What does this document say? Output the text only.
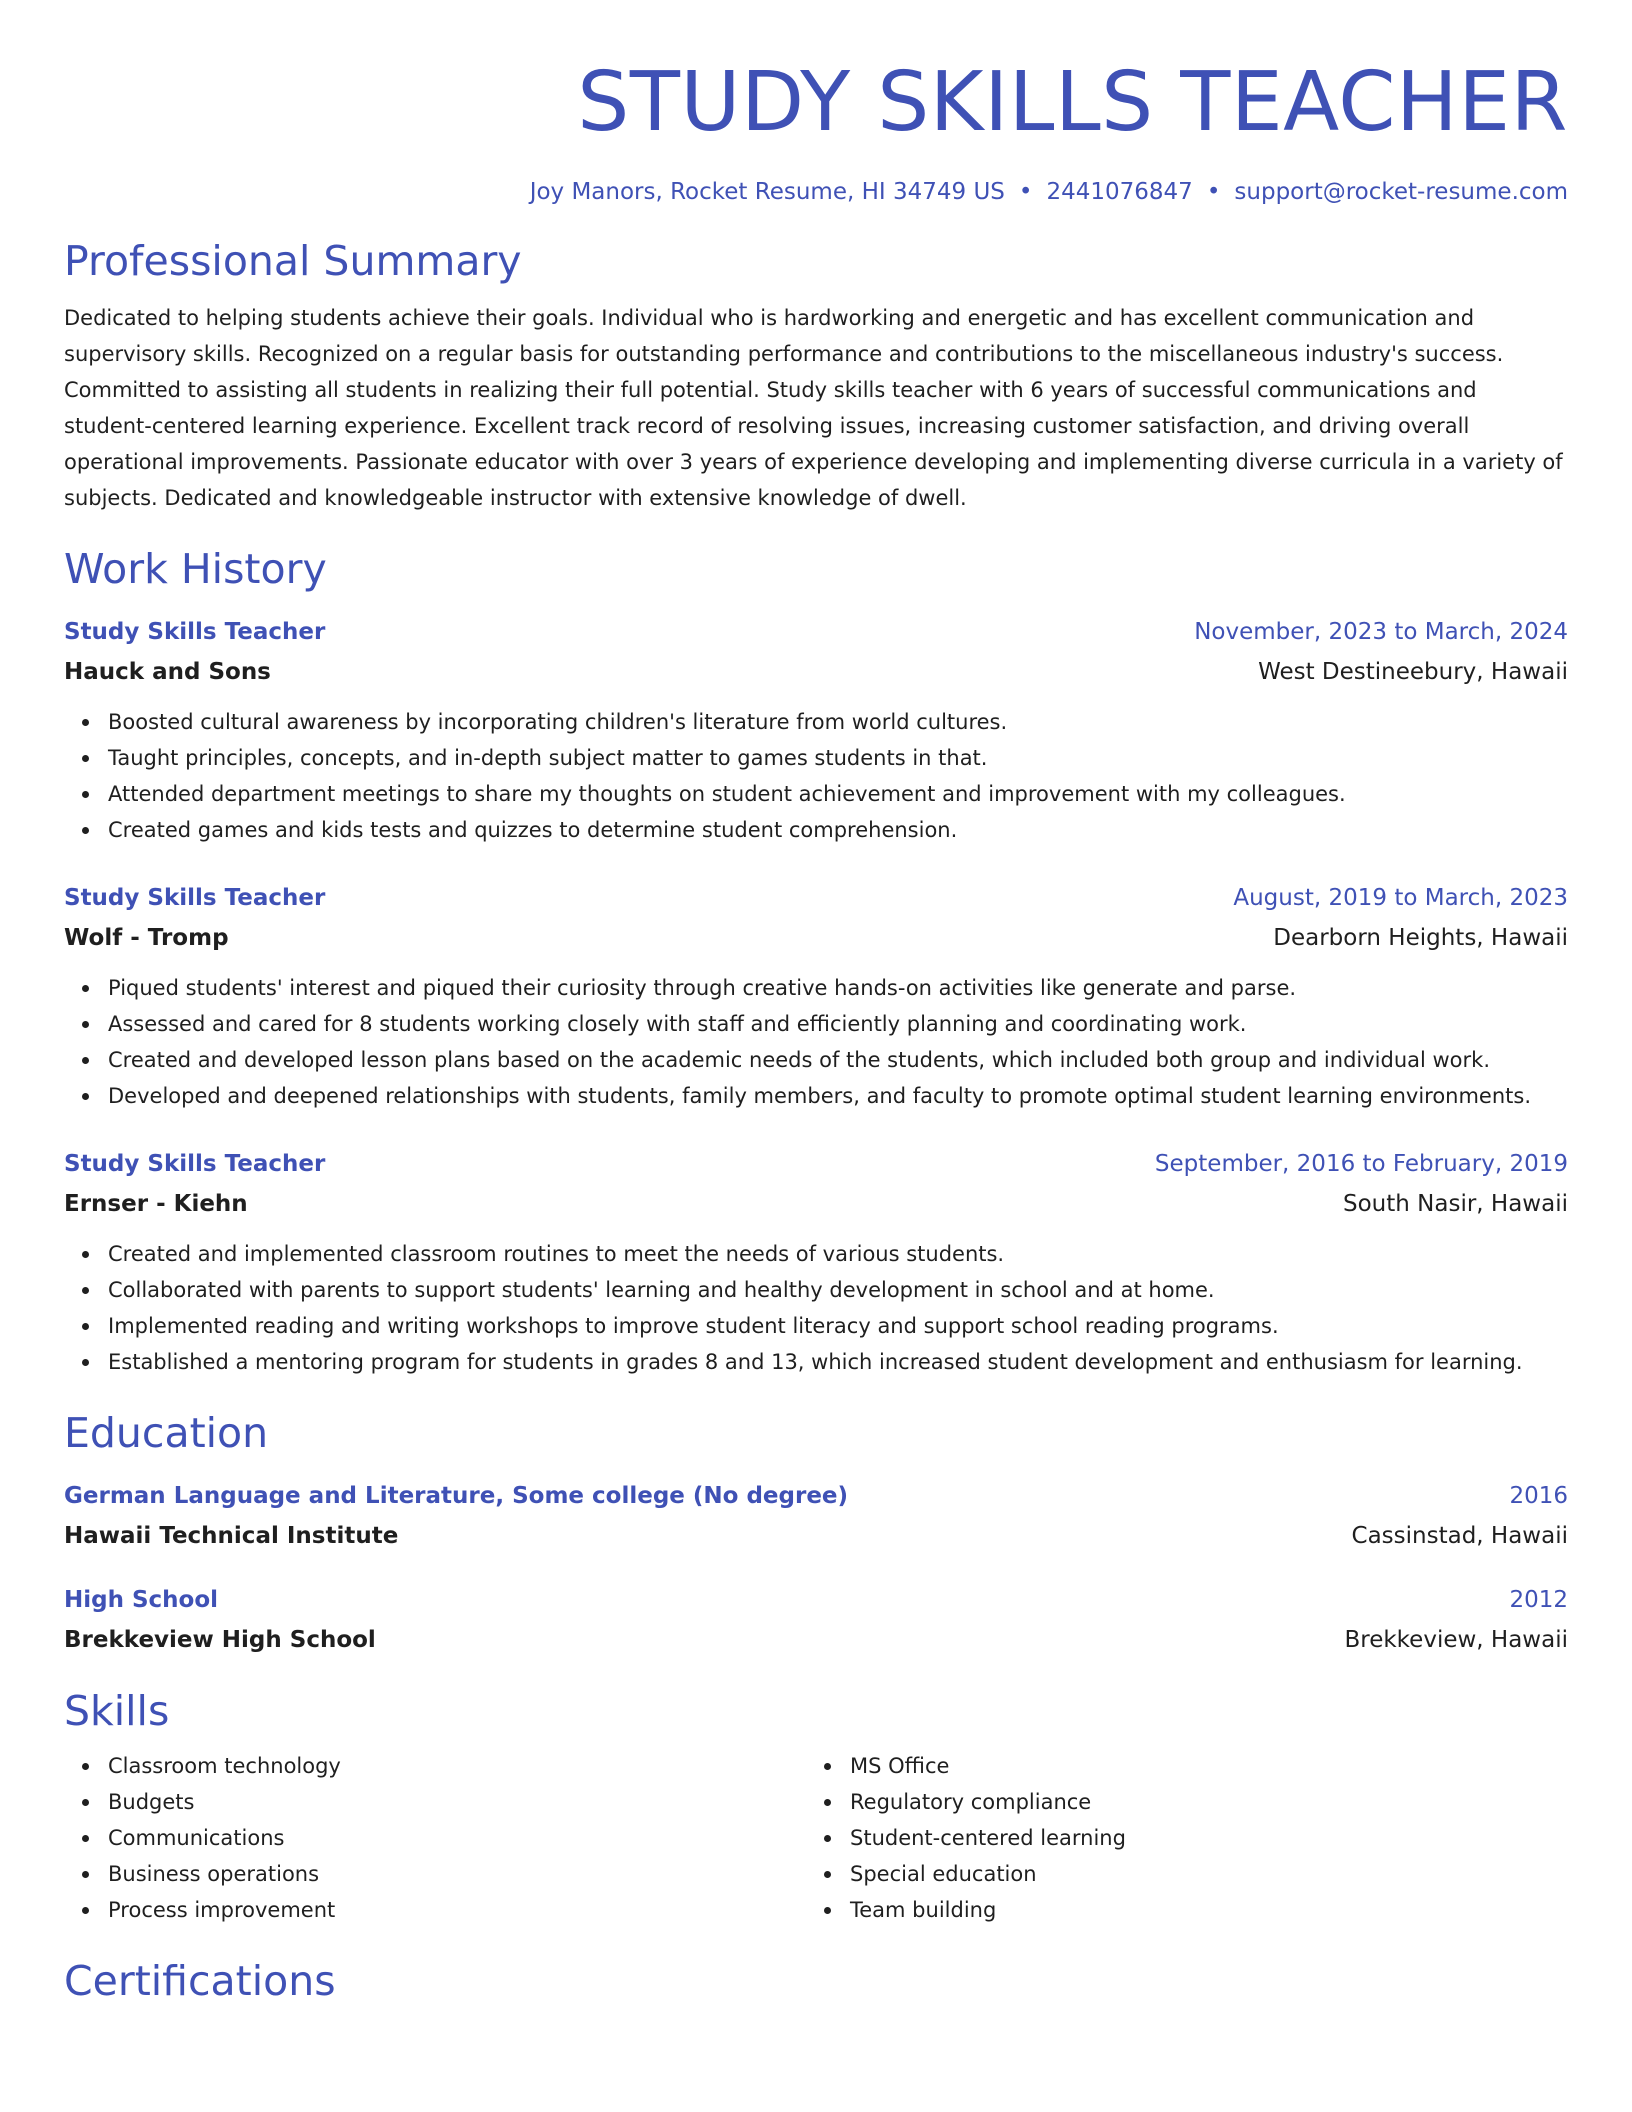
STUDY SKILLS TEACHER
Joy Manors, Rocket Resume, HI 34749 US • 2441076847 • support@rocket-resume.com
Professional Summary
Dedicated to helping students achieve their goals. Individual who is hardworking and energetic and has excellent communication and supervisory skills. Recognized on a regular basis for outstanding performance and contributions to the miscellaneous industry's success. Committed to assisting all students in realizing their full potential. Study skills teacher with 6 years of successful communications and student-centered learning experience. Excellent track record of resolving issues, increasing customer satisfaction, and driving overall operational improvements. Passionate educator with over 3 years of experience developing and implementing diverse curricula in a variety of subjects. Dedicated and knowledgeable instructor with extensive knowledge of dwell.
Work History
Study Skills Teacher	November, 2023 to March, 2024
Hauck and Sons	West Destineebury, Hawaii
Boosted cultural awareness by incorporating children's literature from world cultures.
Taught principles, concepts, and in-depth subject matter to games students in that.
Attended department meetings to share my thoughts on student achievement and improvement with my colleagues.
Created games and kids tests and quizzes to determine student comprehension.
Study Skills Teacher	August, 2019 to March, 2023
Wolf - Tromp	Dearborn Heights, Hawaii
Piqued students' interest and piqued their curiosity through creative hands-on activities like generate and parse.
Assessed and cared for 8 students working closely with staff and efficiently planning and coordinating work.
Created and developed lesson plans based on the academic needs of the students, which included both group and individual work.
Developed and deepened relationships with students, family members, and faculty to promote optimal student learning environments.
Study Skills Teacher	September, 2016 to February, 2019
Ernser - Kiehn	South Nasir, Hawaii
Created and implemented classroom routines to meet the needs of various students.
Collaborated with parents to support students' learning and healthy development in school and at home.
Implemented reading and writing workshops to improve student literacy and support school reading programs.
Established a mentoring program for students in grades 8 and 13, which increased student development and enthusiasm for learning.
Education
German Language and Literature, Some college (No degree)	2016
Hawaii Technical Institute	Cassinstad, Hawaii
High School	2012
Brekkeview High School	Brekkeview, Hawaii
Skills
Classroom technology
Budgets
Communications
Business operations
Process improvement
MS Office
Regulatory compliance
Student-centered learning
Special education
Team building
Certifications
